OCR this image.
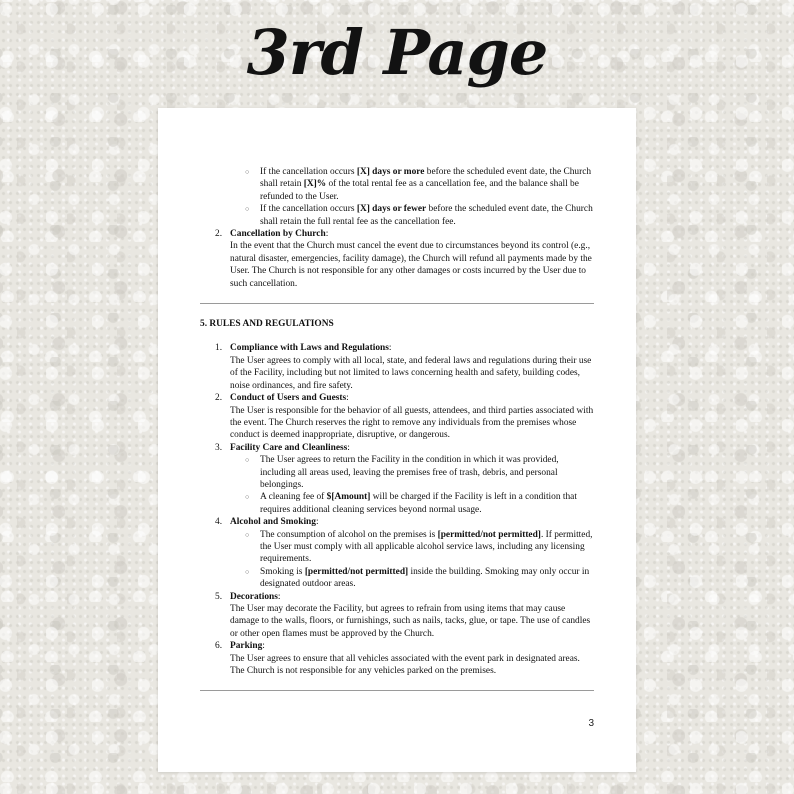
3rd Page
○ If the cancellation occurs [X] days or more before the scheduled event date, the Church shall retain [X]% of the total rental fee as a cancellation fee, and the balance shall be refunded to the User.
○ If the cancellation occurs [X] days or fewer before the scheduled event date, the Church shall retain the full rental fee as the cancellation fee.
2. Cancellation by Church:
In the event that the Church must cancel the event due to circumstances beyond its control (e.g., natural disaster, emergencies, facility damage), the Church will refund all payments made by the User. The Church is not responsible for any other damages or costs incurred by the User due to such cancellation.

5. RULES AND REGULATIONS
1. Compliance with Laws and Regulations:
The User agrees to comply with all local, state, and federal laws and regulations during their use of the Facility, including but not limited to laws concerning health and safety, building codes, noise ordinances, and fire safety.

2. Conduct of Users and Guests:
The User is responsible for the behavior of all guests, attendees, and third parties associated with the event. The Church reserves the right to remove any individuals from the premises whose conduct is deemed inappropriate, disruptive, or dangerous.

3. Facility Care and Cleanliness:

○ The User agrees to return the Facility in the condition in which it was provided, including all areas used, leaving the premises free of trash, debris, and personal belongings.
○ A cleaning fee of $[Amount] will be charged if the Facility is left in a condition that requires additional cleaning services beyond normal usage.
4. Alcohol and Smoking:

○ The consumption of alcohol on the premises is [permitted/not permitted]. If permitted, the User must comply with all applicable alcohol service laws, including any licensing requirements.
○ Smoking is [permitted/not permitted] inside the building. Smoking may only occur in designated outdoor areas.
5. Decorations:
The User may decorate the Facility, but agrees to refrain from using items that may cause damage to the walls, floors, or furnishings, such as nails, tacks, glue, or tape. The use of candles or other open flames must be approved by the Church.

6. Parking:
The User agrees to ensure that all vehicles associated with the event park in designated areas. The Church is not responsible for any vehicles parked on the premises.

3
